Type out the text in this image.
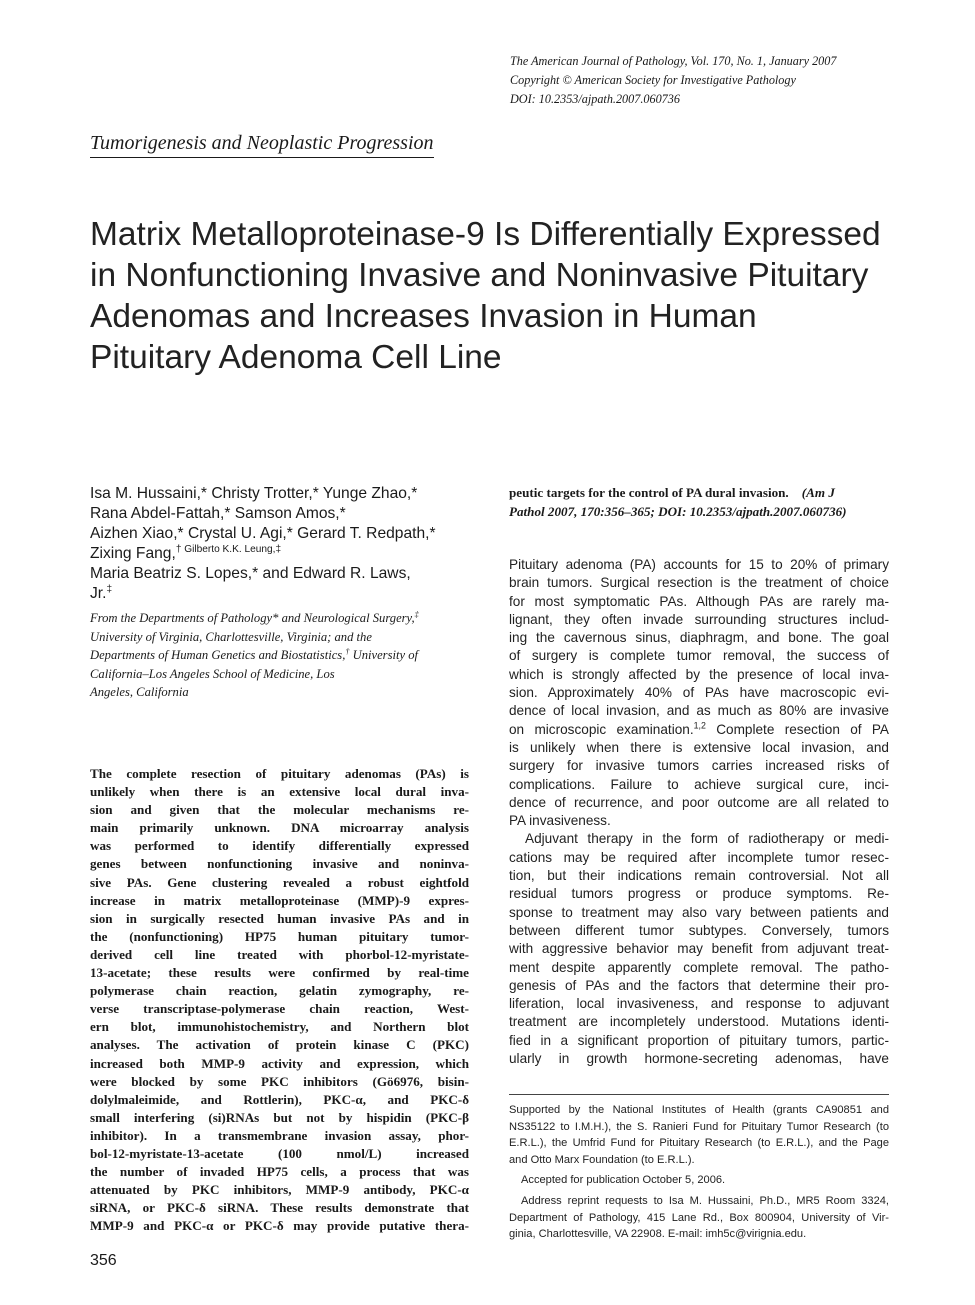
The American Journal of Pathology, Vol. 170, No. 1, January 2007
Copyright © American Society for Investigative Pathology
DOI: 10.2353/ajpath.2007.060736
Tumorigenesis and Neoplastic Progression
Matrix Metalloproteinase-9 Is Differentially Expressed
in Nonfunctioning Invasive and Noninvasive Pituitary
Adenomas and Increases Invasion in Human
Pituitary Adenoma Cell Line
Isa M. Hussaini,* Christy Trotter,* Yunge Zhao,*
Rana Abdel-Fattah,* Samson Amos,*
Aizhen Xiao,* Crystal U. Agi,* Gerard T. Redpath,*
Zixing Fang,$^{\dagger Gilberto K.K. Leung,\ddagger}$
Maria Beatriz S. Lopes,* and Edward R. Laws,
Jr.‡
From the Departments of Pathology* and Neurological Surgery,‡
University of Virginia, Charlottesville, Virginia; and the
Departments of Human Genetics and Biostatistics,† University of
California–Los Angeles School of Medicine, Los
Angeles, California
The complete resection of pituitary adenomas (PAs) is
unlikely when there is an extensive local dural inva-
sion and given that the molecular mechanisms re-
main primarily unknown. DNA microarray analysis
was performed to identify differentially expressed
genes between nonfunctioning invasive and noninva-
sive PAs. Gene clustering revealed a robust eightfold
increase in matrix metalloproteinase (MMP)-9 expres-
sion in surgically resected human invasive PAs and in
the (nonfunctioning) HP75 human pituitary tumor-
derived cell line treated with phorbol-12-myristate-
13-acetate; these results were confirmed by real-time
polymerase chain reaction, gelatin zymography, re-
verse transcriptase-polymerase chain reaction, West-
ern blot, immunohistochemistry, and Northern blot
analyses. The activation of protein kinase C (PKC)
increased both MMP-9 activity and expression, which
were blocked by some PKC inhibitors (Gö6976, bisin-
dolylmaleimide, and Rottlerin), PKC-α, and PKC-δ
small interfering (si)RNAs but not by hispidin (PKC-β
inhibitor). In a transmembrane invasion assay, phor-
bol-12-myristate-13-acetate (100 nmol/L) increased
the number of invaded HP75 cells, a process that was
attenuated by PKC inhibitors, MMP-9 antibody, PKC-α
siRNA, or PKC-δ siRNA. These results demonstrate that
MMP-9 and PKC-α or PKC-δ may provide putative thera-
peutic targets for the control of PA dural invasion. (Am J
Pathol 2007, 170:356–365; DOI: 10.2353/ajpath.2007.060736)
Pituitary adenoma (PA) accounts for 15 to 20% of primary
brain tumors. Surgical resection is the treatment of choice
for most symptomatic PAs. Although PAs are rarely ma-
lignant, they often invade surrounding structures includ-
ing the cavernous sinus, diaphragm, and bone. The goal
of surgery is complete tumor removal, the success of
which is strongly affected by the presence of local inva-
sion. Approximately 40% of PAs have macroscopic evi-
dence of local invasion, and as much as 80% are invasive
on microscopic examination.$^{1,2}$ Complete resection of PA
is unlikely when there is extensive local invasion, and
surgery for invasive tumors carries increased risks of
complications. Failure to achieve surgical cure, inci-
dence of recurrence, and poor outcome are all related to
PA invasiveness.
Adjuvant therapy in the form of radiotherapy or medi-
cations may be required after incomplete tumor resec-
tion, but their indications remain controversial. Not all
residual tumors progress or produce symptoms. Re-
sponse to treatment may also vary between patients and
between different tumor subtypes. Conversely, tumors
with aggressive behavior may benefit from adjuvant treat-
ment despite apparently complete removal. The patho-
genesis of PAs and the factors that determine their pro-
liferation, local invasiveness, and response to adjuvant
treatment are incompletely understood. Mutations identi-
fied in a significant proportion of pituitary tumors, partic-
ularly in growth hormone-secreting adenomas, have
Supported by the National Institutes of Health (grants CA90851 and
NS35122 to I.M.H.), the S. Ranieri Fund for Pituitary Tumor Research (to
E.R.L.), the Umfrid Fund for Pituitary Research (to E.R.L.), and the Page
and Otto Marx Foundation (to E.R.L.).
Accepted for publication October 5, 2006.
Address reprint requests to Isa M. Hussaini, Ph.D., MR5 Room 3324,
Department of Pathology, 415 Lane Rd., Box 800904, University of Vir-
ginia, Charlottesville, VA 22908. E-mail: imh5c@virignia.edu.
356
